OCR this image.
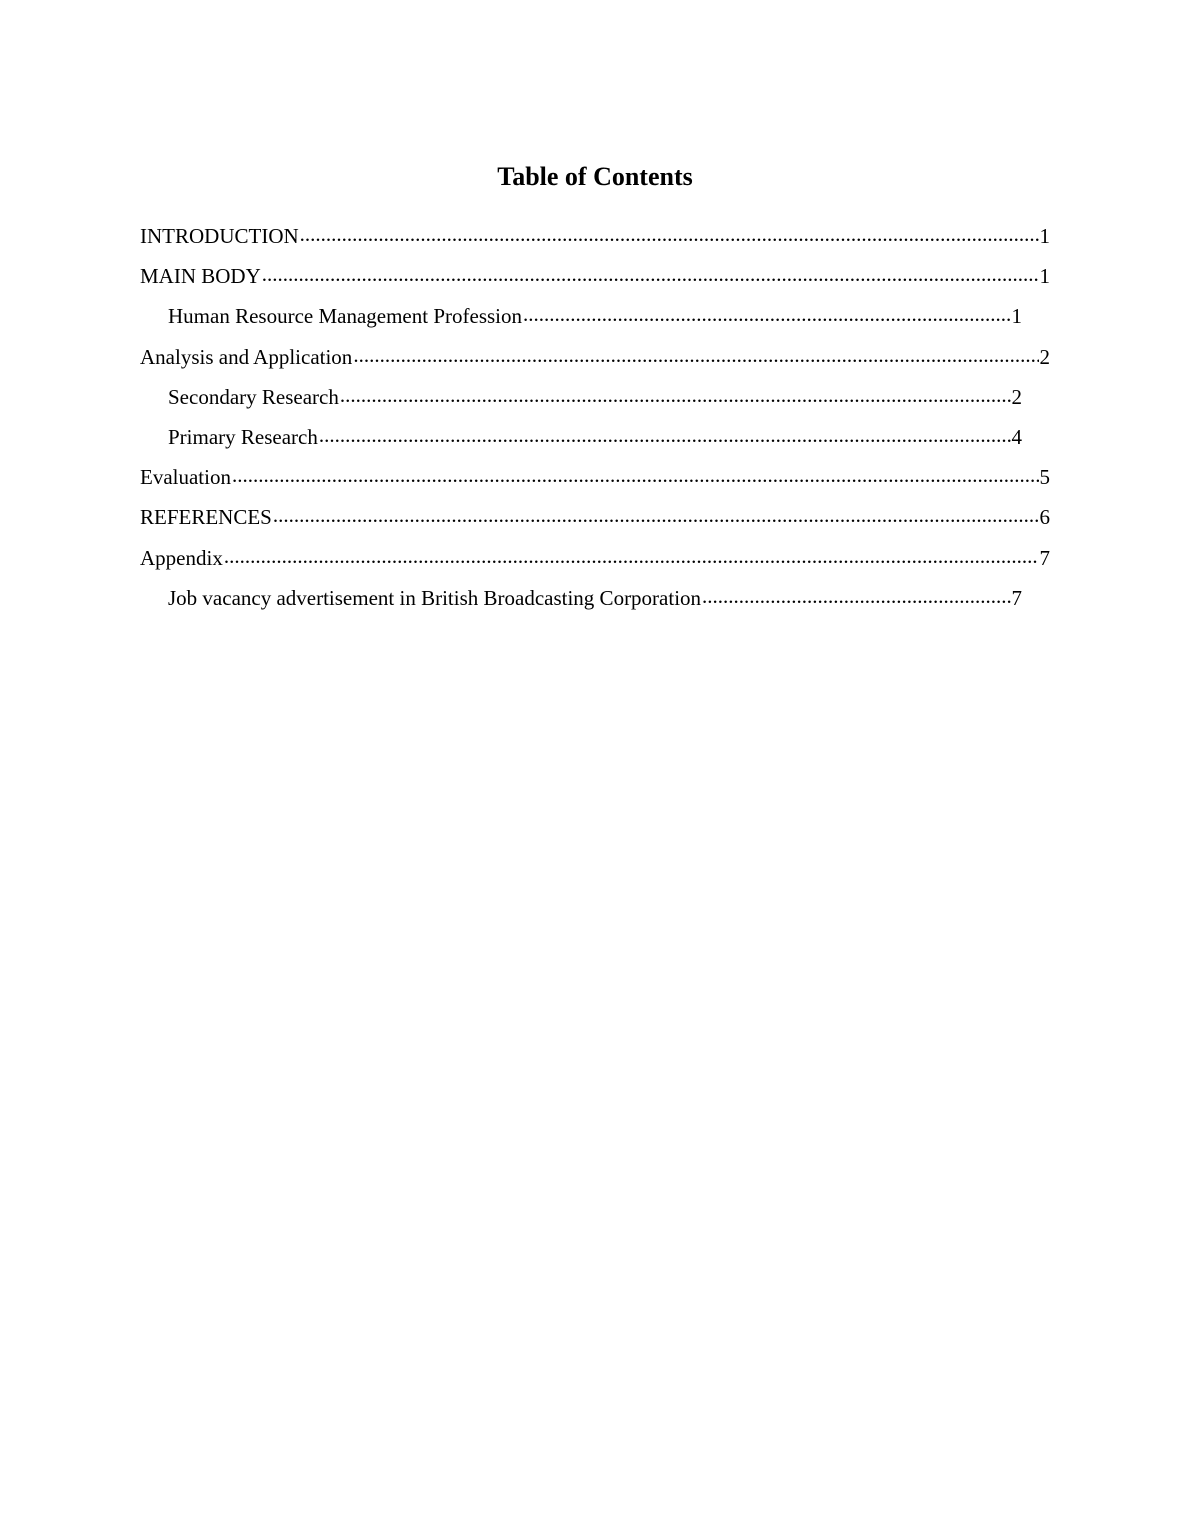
Table of Contents
INTRODUCTION .....	1
MAIN BODY .....	1
Human Resource Management Profession .....	1
Analysis and Application .....	2
Secondary Research .....	2
Primary Research .....	4
Evaluation .....	5
REFERENCES .....	6
Appendix .....	7
Job vacancy advertisement in British Broadcasting Corporation .....	7
